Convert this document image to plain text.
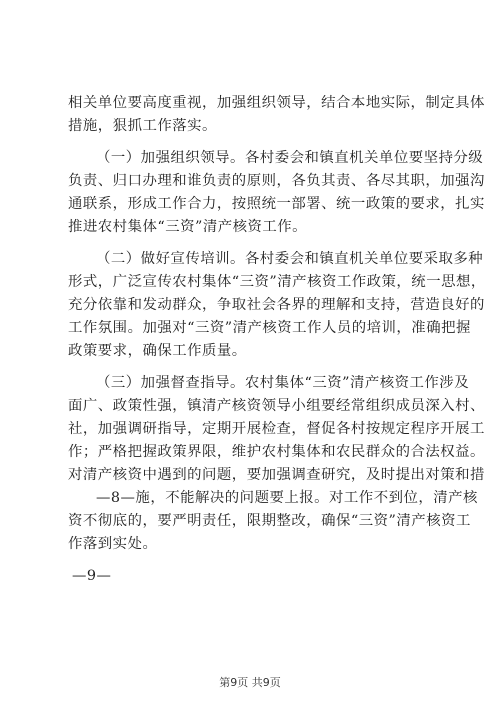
相关单位要高度重视，加强组织领导，结合本地实际，制定具体
措施，狠抓工作落实。
（一）加强组织领导。各村委会和镇直机关单位要坚持分级
负责、归口办理和谁负责的原则，各负其责、各尽其职，加强沟
通联系，形成工作合力，按照统一部署、统一政策的要求，扎实
推进农村集体“三资”清产核资工作。
（二）做好宣传培训。各村委会和镇直机关单位要采取多种
形式，广泛宣传农村集体“三资”清产核资工作政策，统一思想，
充分依靠和发动群众，争取社会各界的理解和支持，营造良好的
工作氛围。加强对“三资”清产核资工作人员的培训，准确把握
政策要求，确保工作质量。
（三）加强督查指导。农村集体“三资”清产核资工作涉及
面广、政策性强，镇清产核资领导小组要经常组织成员深入村、
社，加强调研指导，定期开展检查，督促各村按规定程序开展工
作；严格把握政策界限，维护农村集体和农民群众的合法权益。
对清产核资中遇到的问题，要加强调查研究，及时提出对策和措
—8—施，不能解决的问题要上报。对工作不到位，清产核
资不彻底的，要严明责任，限期整改，确保“三资”清产核资工
作落到实处。
—9—
第9页 共9页
